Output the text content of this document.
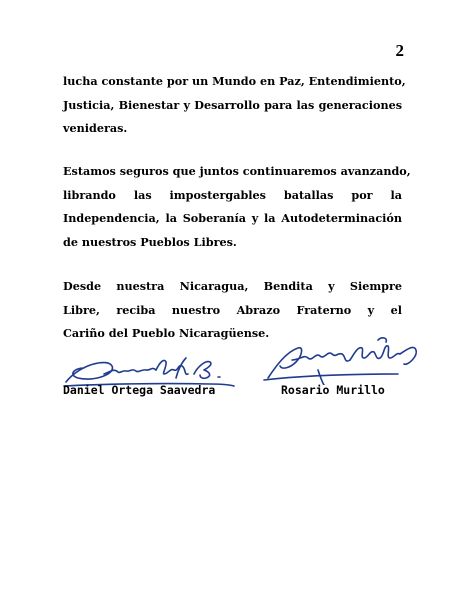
2
lucha constante por un Mundo en Paz, Entendimiento,
Justicia, Bienestar y Desarrollo para las generaciones
venideras.
Estamos seguros que juntos continuaremos avanzando,
librando las impostergables batallas por la
Independencia, la Soberanía y la Autodeterminación
de nuestros Pueblos Libres.
Desde nuestra Nicaragua, Bendita y Siempre
Libre, reciba nuestro Abrazo Fraterno y el
Cariño del Pueblo Nicaragüense.
Daniel Ortega Saavedra	Rosario Murillo
